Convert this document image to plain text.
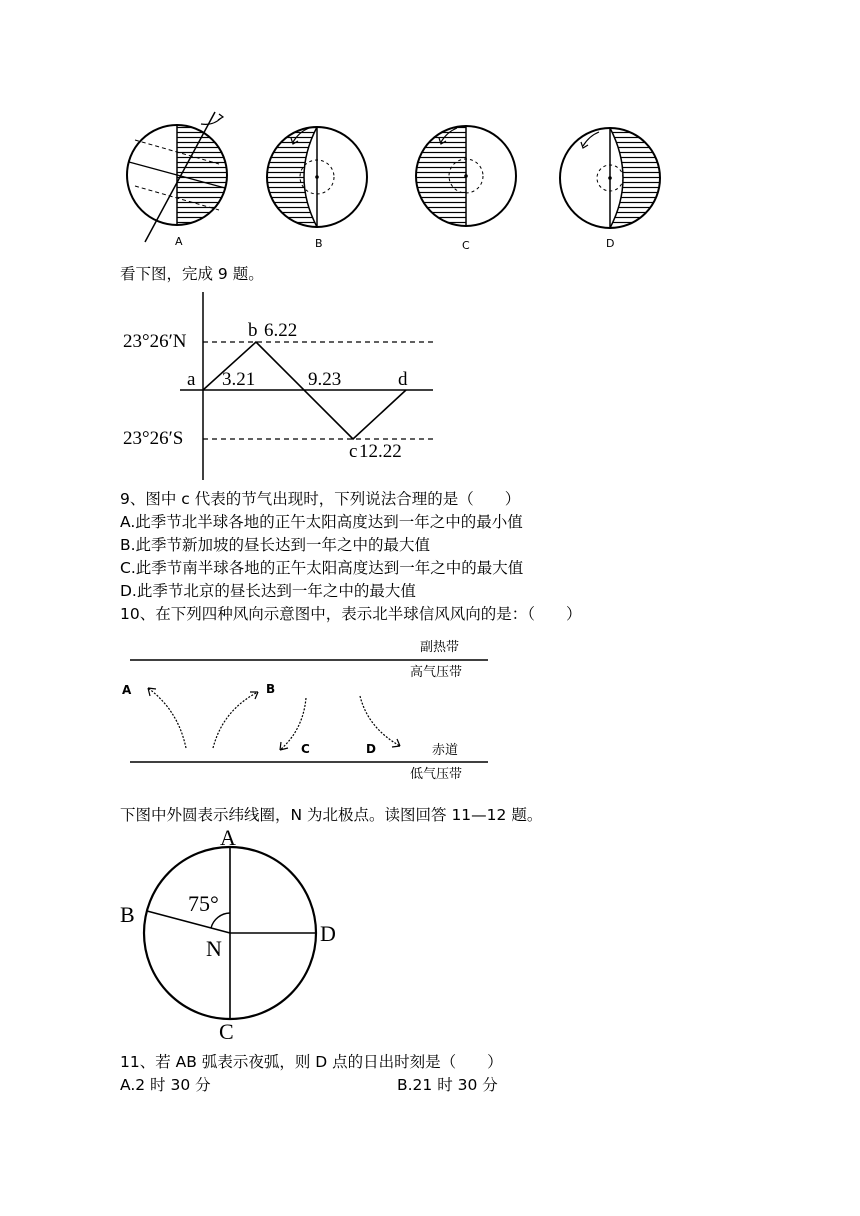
A	B	C	D
看下图，完成 9 题。
23°26′N
23°26′S
a 3.21
b 6.22
9.23	d
c 12.22
9、图中 c 代表的节气出现时，下列说法合理的是（　　）
A.此季节北半球各地的正午太阳高度达到一年之中的最小值
B.此季节新加坡的昼长达到一年之中的最大值
C.此季节南半球各地的正午太阳高度达到一年之中的最大值
D.此季节北京的昼长达到一年之中的最大值
10、在下列四种风向示意图中，表示北半球信风风向的是：（　　）
副热带
高气压带
赤道
低气压带
A	B
C	D
下图中外圆表示纬线圈，N 为北极点。读图回答 11—12 题。
A
B
D
N
C
75°
11、若 AB 弧表示夜弧，则 D 点的日出时刻是（　　）
A.2 时 30 分	B.21 时 30 分
